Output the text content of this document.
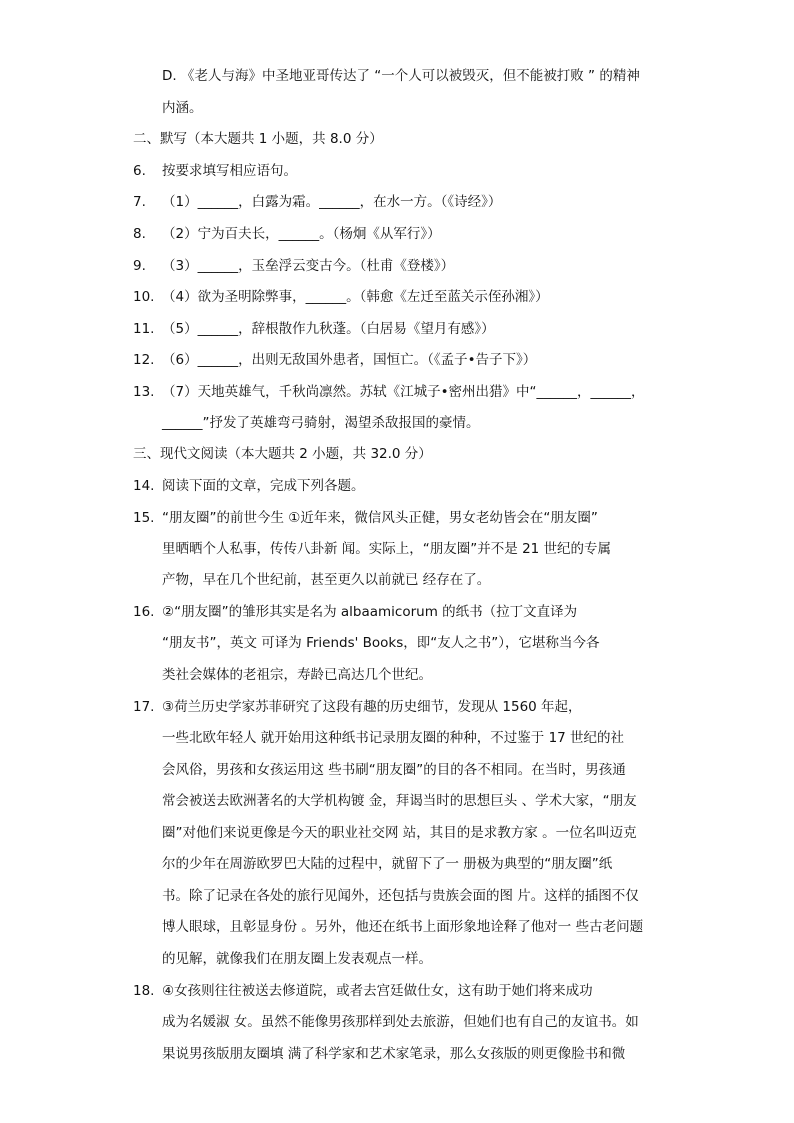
D. 《老人与海》中圣地亚哥传达了 “一个人可以被毁灭，但不能被打败 ” 的精神
内涵。
二、默写（本大题共 1 小题，共 8.0 分）
6. 按要求填写相应语句。
7. （1）______，白露为霜。______，在水一方。（《诗经》）
8. （2）宁为百夫长，______。（杨炯《从军行》）
9. （3）______，玉垒浮云变古今。（杜甫《登楼》）
10. （4）欲为圣明除弊事，______。（韩愈《左迁至蓝关示侄孙湘》）
11. （5）______，辞根散作九秋蓬。（白居易《望月有感》）
12. （6）______，出则无敌国外患者，国恒亡。（《孟子•告子下》）
13. （7）天地英雄气，千秋尚凛然。苏轼《江城子•密州出猎》中“______，______，
______”抒发了英雄弯弓骑射，渴望杀敌报国的豪情。
三、现代文阅读（本大题共 2 小题，共 32.0 分）
14. 阅读下面的文章，完成下列各题。
15. “朋友圈”的前世今生 ①近年来，微信风头正健，男女老幼皆会在“朋友圈”
里晒晒个人私事，传传八卦新 闻。实际上，“朋友圈”并不是 21 世纪的专属
产物，早在几个世纪前，甚至更久以前就已 经存在了。
16. ②“朋友圈”的雏形其实是名为 albaamicorum 的纸书（拉丁文直译为
“朋友书”，英文 可译为 Friends' Books，即“友人之书”），它堪称当今各
类社会媒体的老祖宗，寿龄已高达几个世纪。
17. ③荷兰历史学家苏菲研究了这段有趣的历史细节，发现从 1560 年起，
一些北欧年轻人 就开始用这种纸书记录朋友圈的种种，不过鉴于 17 世纪的社
会风俗，男孩和女孩运用这 些书刷“朋友圈”的目的各不相同。在当时，男孩通
常会被送去欧洲著名的大学机构镀 金，拜谒当时的思想巨头 、学术大家，“朋友
圈”对他们来说更像是今天的职业社交网 站，其目的是求教方家 。一位名叫迈克
尔的少年在周游欧罗巴大陆的过程中，就留下了一 册极为典型的“朋友圈”纸
书。除了记录在各处的旅行见闻外，还包括与贵族会面的图 片。这样的插图不仅
博人眼球，且彰显身份 。另外，他还在纸书上面形象地诠释了他对一 些古老问题
的见解，就像我们在朋友圈上发表观点一样。
18. ④女孩则往往被送去修道院，或者去宫廷做仕女，这有助于她们将来成功
成为名媛淑 女。虽然不能像男孩那样到处去旅游，但她们也有自己的友谊书。如
果说男孩版朋友圈填 满了科学家和艺术家笔录，那么女孩版的则更像脸书和微
